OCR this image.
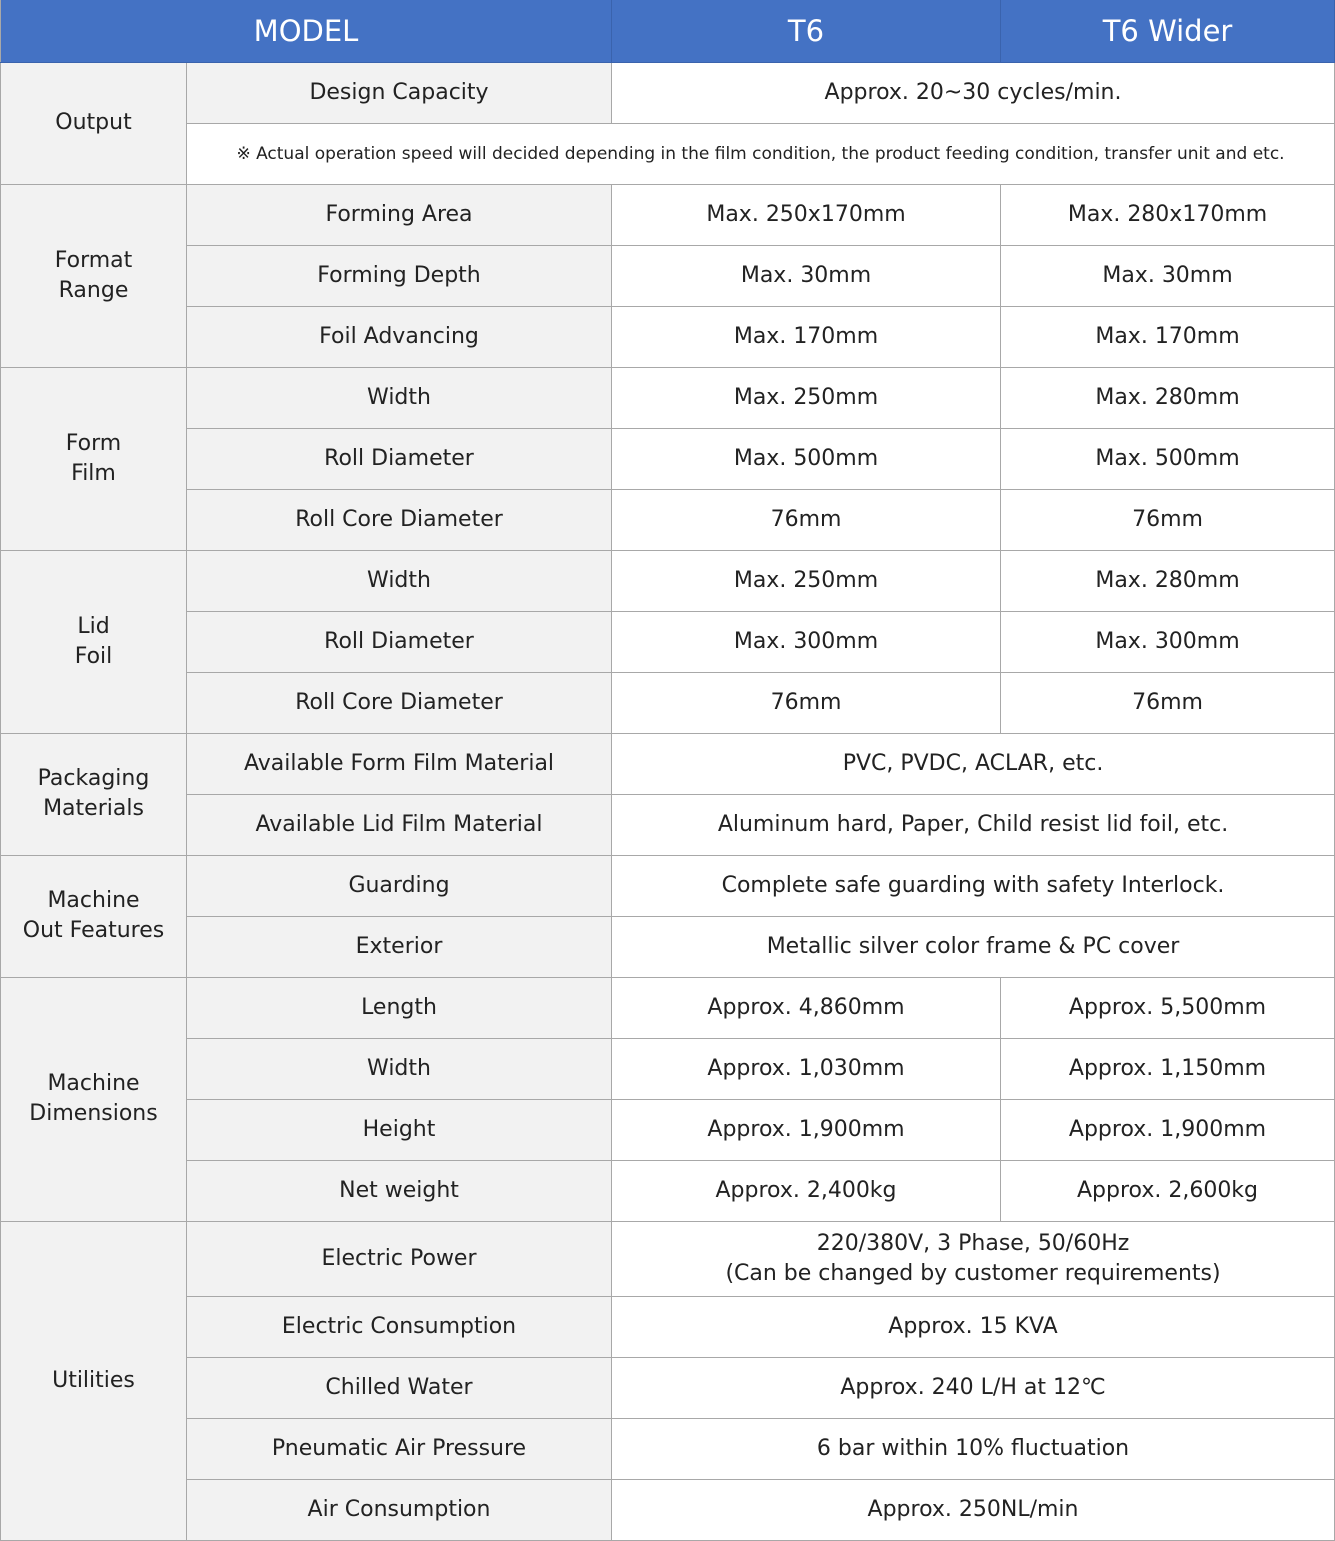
MODEL		T6	T6 Wider
Output	Design Capacity	Approx. 20~30 cycles/min.	
	※ Actual operation speed will decided depending in the film condition, the product feeding condition, transfer unit and etc.		

Format
Range	Forming Area	Max. 250x170mm	Max. 280x170mm
	Forming Depth	Max. 30mm	Max. 30mm
	Foil Advancing	Max. 170mm	Max. 170mm

Form
Film	Width	Max. 250mm	Max. 280mm
	Roll Diameter	Max. 500mm	Max. 500mm
	Roll Core Diameter	76mm	76mm

Lid
Foil	Width	Max. 250mm	Max. 280mm
	Roll Diameter	Max. 300mm	Max. 300mm
	Roll Core Diameter	76mm	76mm

Packaging
Materials	Available Form Film Material	PVC, PVDC, ACLAR, etc.	
	Available Lid Film Material	Aluminum hard, Paper, Child resist lid foil, etc.	

Machine
Out Features	Guarding	Complete safe guarding with safety Interlock.	
	Exterior	Metallic silver color frame & PC cover	

Machine
Dimensions	Length	Approx. 4,860mm	Approx. 5,500mm
	Width	Approx. 1,030mm	Approx. 1,150mm
	Height	Approx. 1,900mm	Approx. 1,900mm
	Net weight	Approx. 2,400kg	Approx. 2,600kg
Utilities	Electric Power	220/380V, 3 Phase, 50/60Hz
(Can be changed by customer requirements)	

	Electric Consumption	Approx. 15 KVA	
	Chilled Water	Approx. 240 L/H at 12℃	
	Pneumatic Air Pressure	6 bar within 10% fluctuation	
	Air Consumption	Approx. 250NL/min	
